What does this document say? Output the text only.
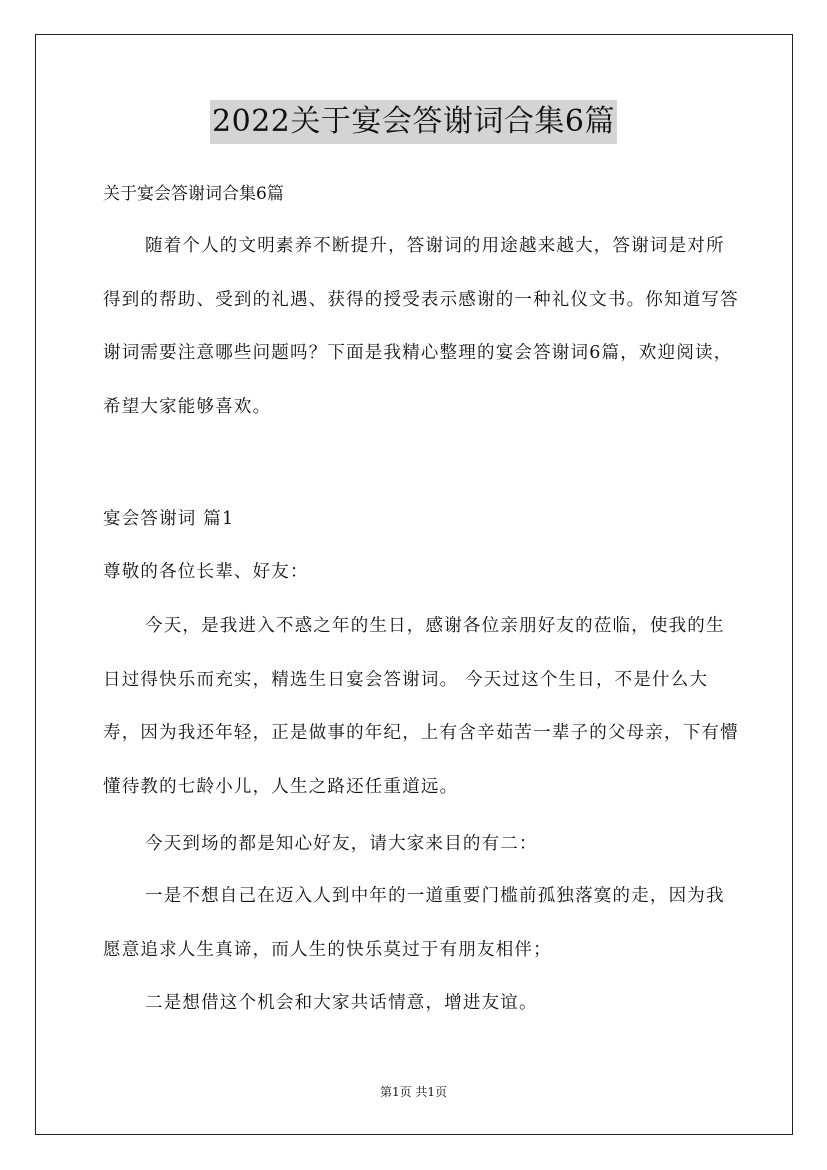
2022关于宴会答谢词合集6篇
关于宴会答谢词合集6篇

随着个人的文明素养不断提升，答谢词的用途越来越大，答谢词是对所得到的帮助、受到的礼遇、获得的授受表示感谢的一种礼仪文书。你知道写答谢词需要注意哪些问题吗？下面是我精心整理的宴会答谢词6篇，欢迎阅读，希望大家能够喜欢。

宴会答谢词 篇1
尊敬的各位长辈、好友：

今天，是我进入不惑之年的生日，感谢各位亲朋好友的莅临，使我的生日过得快乐而充实，精选生日宴会答谢词。 今天过这个生日，不是什么大寿，因为我还年轻，正是做事的年纪，上有含辛茹苦一辈子的父母亲，下有懵懂待教的七龄小儿，人生之路还任重道远。

今天到场的都是知心好友，请大家来目的有二：

一是不想自己在迈入人到中年的一道重要门槛前孤独落寞的走，因为我愿意追求人生真谛，而人生的快乐莫过于有朋友相伴；

二是想借这个机会和大家共话情意，增进友谊。

第1页 共1页
